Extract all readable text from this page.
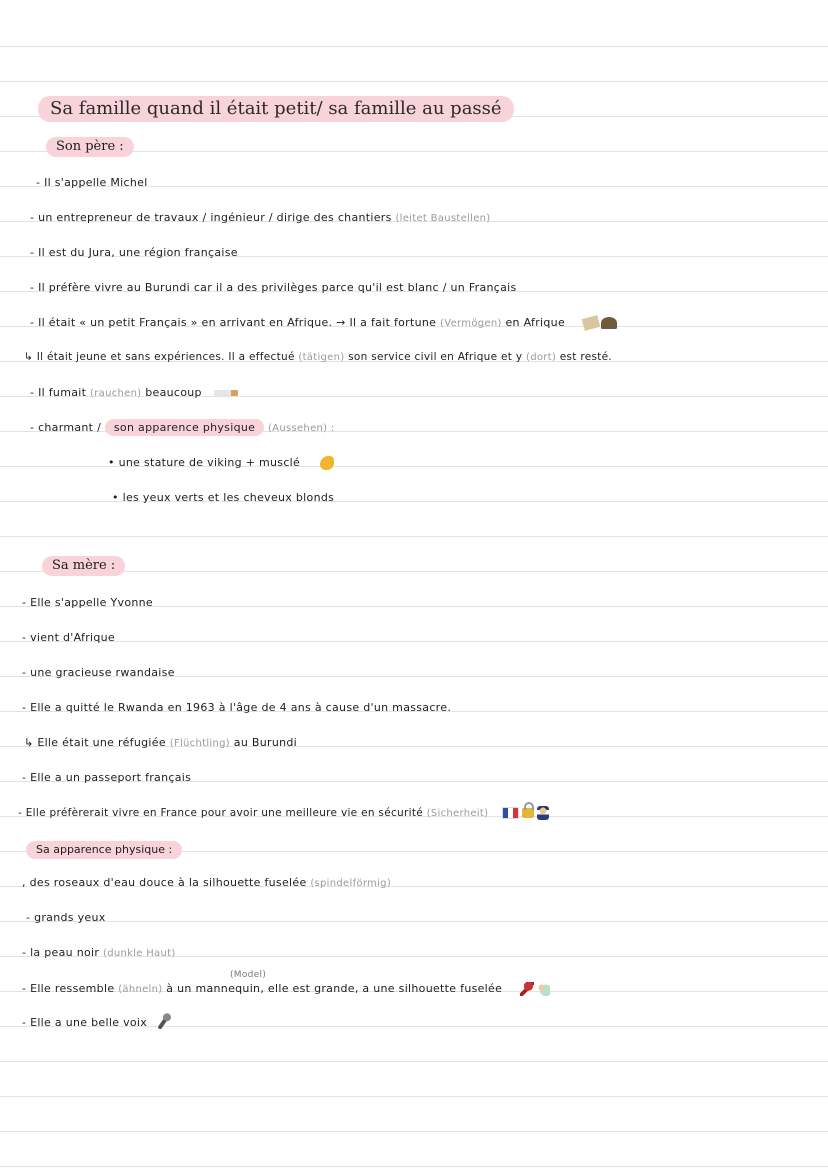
Sa famille quand il était petit/ sa famille au passé
Son père :
- Il s'appelle Michel
- un entrepreneur de travaux / ingénieur / dirige des chantiers (leitet Baustellen)
- Il est du Jura, une région française
- Il préfère vivre au Burundi car il a des privilèges parce qu'il est blanc / un Français
- Il était « un petit Français » en arrivant en Afrique. → Il a fait fortune (Vermögen) en Afrique
↳ Il était jeune et sans expériences. Il a effectué (tätigen) son service civil en Afrique et y (dort) est resté.
- Il fumait (rauchen) beaucoup
- charmant / son apparence physique (Aussehen) :
• une stature de viking + musclé
• les yeux verts et les cheveux blonds
Sa mère :
- Elle s'appelle Yvonne
- vient d'Afrique
- une gracieuse rwandaise
- Elle a quitté le Rwanda en 1963 à l'âge de 4 ans à cause d'un massacre.
↳ Elle était une réfugiée (Flüchtling) au Burundi
- Elle a un passeport français
- Elle préfèrerait vivre en France pour avoir une meilleure vie en sécurité (Sicherheit)
Sa apparence physique :
, des roseaux d'eau douce à la silhouette fuselée (spindelförmig)
- grands yeux
- la peau noir (dunkle Haut)
(Model)
- Elle ressemble (ähneln) à un mannequin, elle est grande, a une silhouette fuselée
- Elle a une belle voix
